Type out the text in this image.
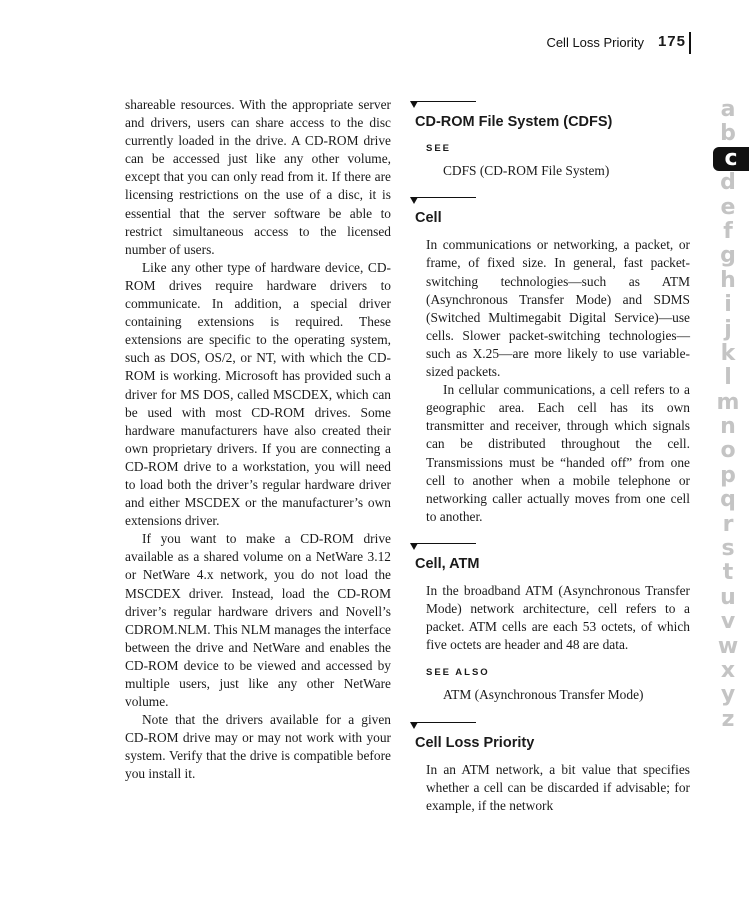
Cell Loss Priority 175

shareable resources. With the appropriate server and drivers, users can share access to the disc currently loaded in the drive. A CD-ROM drive can be accessed just like any other volume, except that you can only read from it. If there are licensing restrictions on the use of a disc, it is essential that the server software be able to restrict simultaneous access to the licensed number of users.

Like any other type of hardware device, CD-ROM drives require hardware drivers to communicate. In addition, a special driver containing extensions is required. These extensions are specific to the operating system, such as DOS, OS/2, or NT, with which the CD-ROM is working. Microsoft has provided such a driver for MS DOS, called MSCDEX, which can be used with most CD-ROM drives. Some hardware manufacturers have also created their own proprietary drivers. If you are connecting a CD-ROM drive to a workstation, you will need to load both the driver’s regular hardware driver and either MSCDEX or the manufacturer’s own extensions driver.

If you want to make a CD-ROM drive available as a shared volume on a NetWare 3.12 or NetWare 4.x network, you do not load the MSCDEX driver. Instead, load the CD-ROM driver’s regular hardware drivers and Novell’s CDROM.NLM. This NLM manages the interface between the drive and NetWare and enables the CD-ROM device to be viewed and accessed by multiple users, just like any other NetWare volume.

Note that the drivers available for a given CD-ROM drive may or may not work with your system. Verify that the drive is compatible before you install it.

CD-ROM File System (CDFS)
SEE
CDFS (CD-ROM File System)
Cell

In communications or networking, a packet, or frame, of fixed size. In general, fast packet-switching technologies—such as ATM (Asynchronous Transfer Mode) and SDMS (Switched Multimegabit Digital Service)—use cells. Slower packet-switching technologies—such as X.25—are more likely to use variable-sized packets.

In cellular communications, a cell refers to a geographic area. Each cell has its own transmitter and receiver, through which signals can be distributed throughout the cell. Transmissions must be “handed off” from one cell to another when a mobile telephone or networking caller actually moves from one cell to another.

Cell, ATM

In the broadband ATM (Asynchronous Transfer Mode) network architecture, cell refers to a packet. ATM cells are each 53 octets, of which five octets are header and 48 are data.

SEE ALSO
ATM (Asynchronous Transfer Mode)
Cell Loss Priority

In an ATM network, a bit value that specifies whether a cell can be discarded if advisable; for example, if the network

a
b
c
d
e
f
g
h
i
j
k
l
m
n
o
p
q
r
s
t
u
v
w
x
y
z
